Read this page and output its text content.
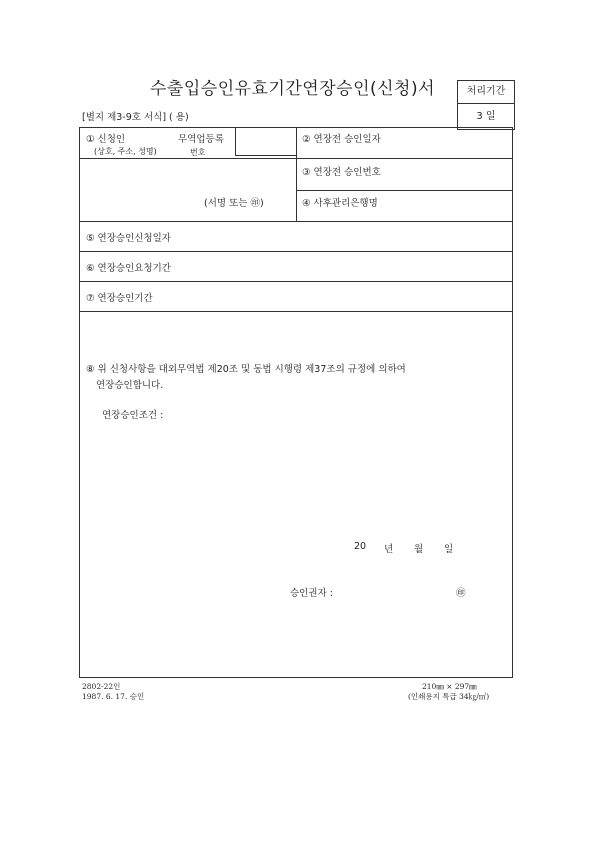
수출입승인유효기간연장승인(신청)서	처리기간
3 일
[별지 제3-9호 서식] ( 용)
① 신청인
(상호, 주소, 성명)
무역업등록
번호
(서명 또는 ㊞)
② 연장전 승인일자
③ 연장전 승인번호
④ 사후관리은행명
⑤ 연장승인신청일자
⑥ 연장승인요청기간
⑦ 연장승인기간
⑧ 위 신청사항을 대외무역법 제20조 및 동법 시행령 제37조의 규정에 의하여
연장승인합니다.
연장승인조건 :
20 년 월 일
승인권자 :	㊞
2802-22인
1987. 6. 17. 승인
210㎜ × 297㎜
(인쇄용지 특급 34㎏/㎡)
